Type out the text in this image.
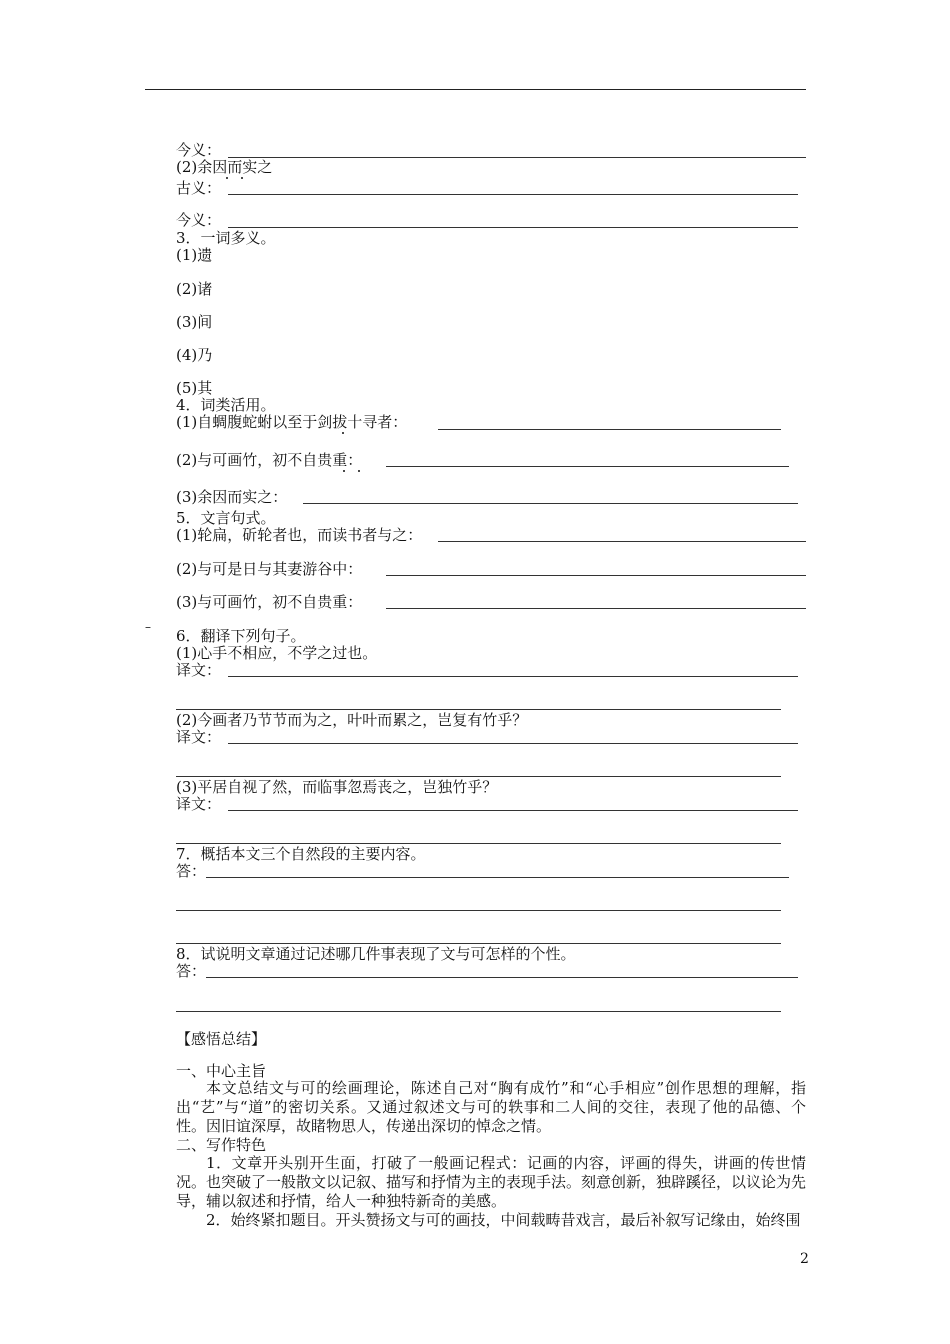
今义：
(2)余因而实之
古义：
今义：
3．一词多义。
(1)遗
(2)诸
(3)间
(4)乃
(5)其
4．词类活用。
(1)自蜩腹蛇蚹以至于剑拔十寻者：
(2)与可画竹，初不自贵重：
(3)余因而实之：
5．文言句式。
(1)轮扁，斫轮者也，而读书者与之：
(2)与可是日与其妻游谷中：
(3)与可画竹，初不自贵重：
– 6．翻译下列句子。
(1)心手不相应，不学之过也。
译文：
(2)今画者乃节节而为之，叶叶而累之，岂复有竹乎？
译文：
(3)平居自视了然，而临事忽焉丧之，岂独竹乎？
译文：
7．概括本文三个自然段的主要内容。
答：
8．试说明文章通过记述哪几件事表现了文与可怎样的个性。
答：
【感悟总结】
一、中心主旨
本文总结文与可的绘画理论，陈述自己对“胸有成竹”和“心手相应”创作思想的理解，指出“艺”与“道”的密切关系。又通过叙述文与可的轶事和二人间的交往，表现了他的品德、个性。因旧谊深厚，故睹物思人，传递出深切的悼念之情。
二、写作特色
1．文章开头别开生面，打破了一般画记程式：记画的内容，评画的得失，讲画的传世情况。也突破了一般散文以记叙、描写和抒情为主的表现手法。刻意创新，独辟蹊径，以议论为先导，辅以叙述和抒情，给人一种独特新奇的美感。
2．始终紧扣题目。开头赞扬文与可的画技，中间载畴昔戏言，最后补叙写记缘由，始终围
2
